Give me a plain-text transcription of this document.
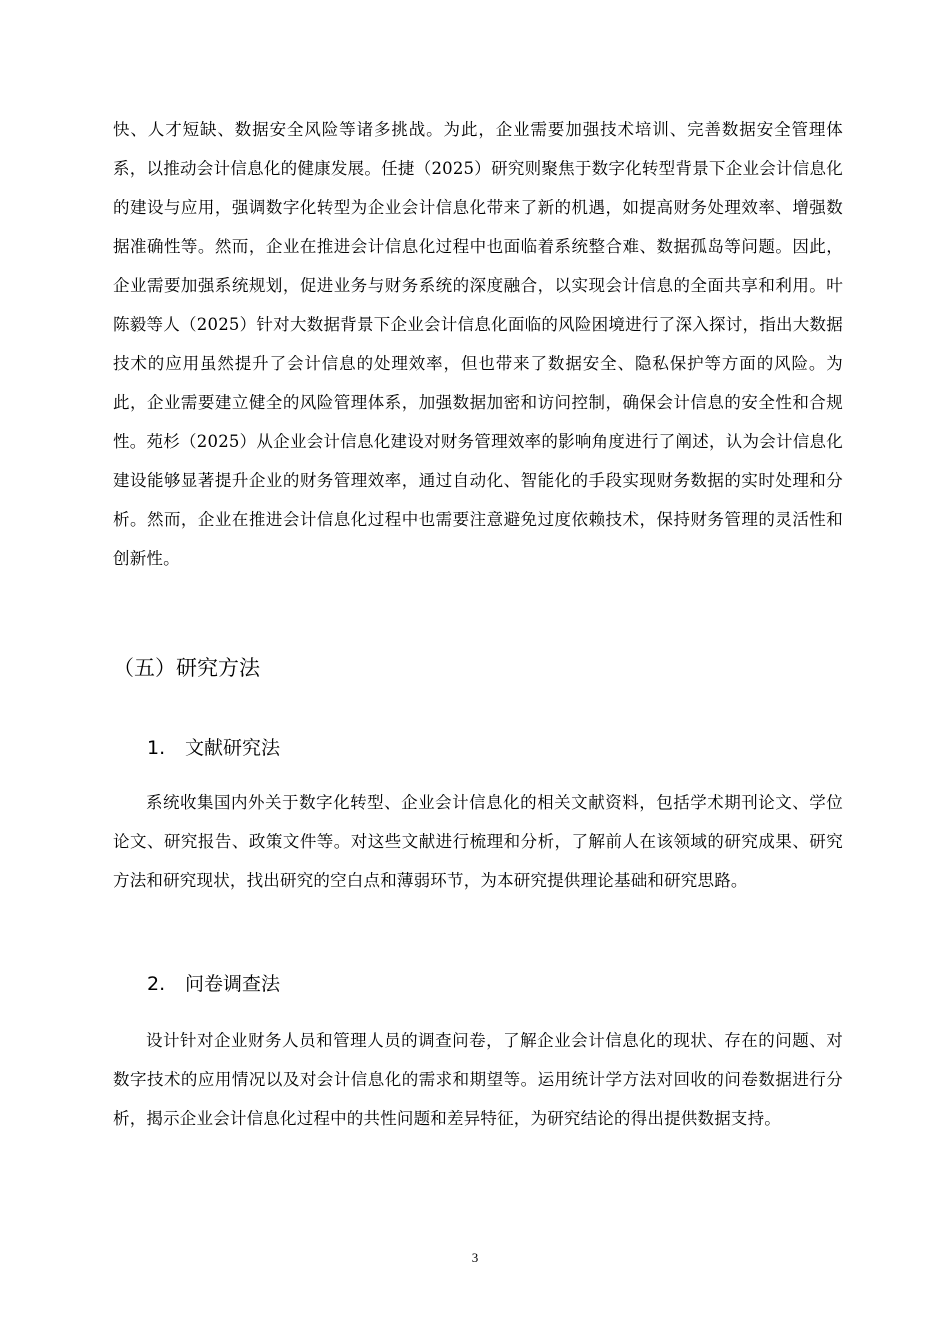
快、人才短缺、数据安全风险等诸多挑战。为此，企业需要加强技术培训、完善数据安全管理体系，以推动会计信息化的健康发展。任捷（2025）研究则聚焦于数字化转型背景下企业会计信息化的建设与应用，强调数字化转型为企业会计信息化带来了新的机遇，如提高财务处理效率、增强数据准确性等。然而，企业在推进会计信息化过程中也面临着系统整合难、数据孤岛等问题。因此，企业需要加强系统规划，促进业务与财务系统的深度融合，以实现会计信息的全面共享和利用。叶陈毅等人（2025）针对大数据背景下企业会计信息化面临的风险困境进行了深入探讨，指出大数据技术的应用虽然提升了会计信息的处理效率，但也带来了数据安全、隐私保护等方面的风险。为此，企业需要建立健全的风险管理体系，加强数据加密和访问控制，确保会计信息的安全性和合规性。苑杉（2025）从企业会计信息化建设对财务管理效率的影响角度进行了阐述，认为会计信息化建设能够显著提升企业的财务管理效率，通过自动化、智能化的手段实现财务数据的实时处理和分析。然而，企业在推进会计信息化过程中也需要注意避免过度依赖技术，保持财务管理的灵活性和创新性。

（五）研究方法
1. 文献研究法

系统收集国内外关于数字化转型、企业会计信息化的相关文献资料，包括学术期刊论文、学位论文、研究报告、政策文件等。对这些文献进行梳理和分析，了解前人在该领域的研究成果、研究方法和研究现状，找出研究的空白点和薄弱环节，为本研究提供理论基础和研究思路。

2. 问卷调查法

设计针对企业财务人员和管理人员的调查问卷，了解企业会计信息化的现状、存在的问题、对数字技术的应用情况以及对会计信息化的需求和期望等。运用统计学方法对回收的问卷数据进行分析，揭示企业会计信息化过程中的共性问题和差异特征，为研究结论的得出提供数据支持。

3
